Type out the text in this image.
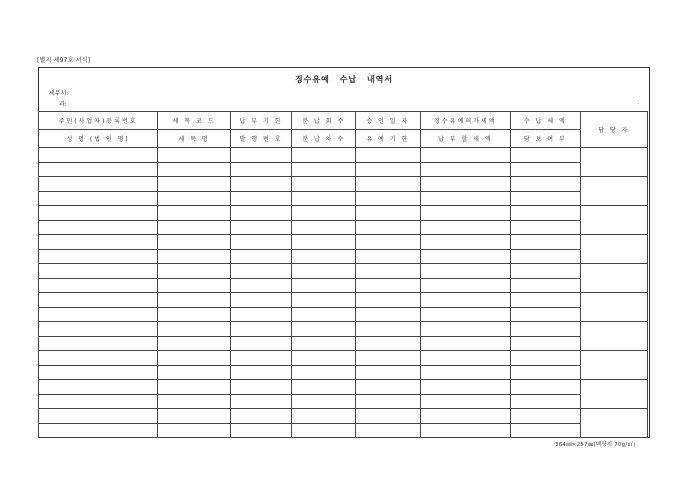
[별지 제97호 서식]
징수유예 수납 내역서
세무서:
과:	:
주민(사업자)등록번호	세 목 코 드	납 부 기 한	분 납 회 수	승 인 일 자	징수유예허가세액	수 납 세 액	담 당 자
성 명 (법 인 명)	세 목 명	발 행 번 호	분 납 차 수	유 예 기 한	납 부 할 세 액	담 보 여 부	

364㎜×257㎜(백상지 70g/㎡)
